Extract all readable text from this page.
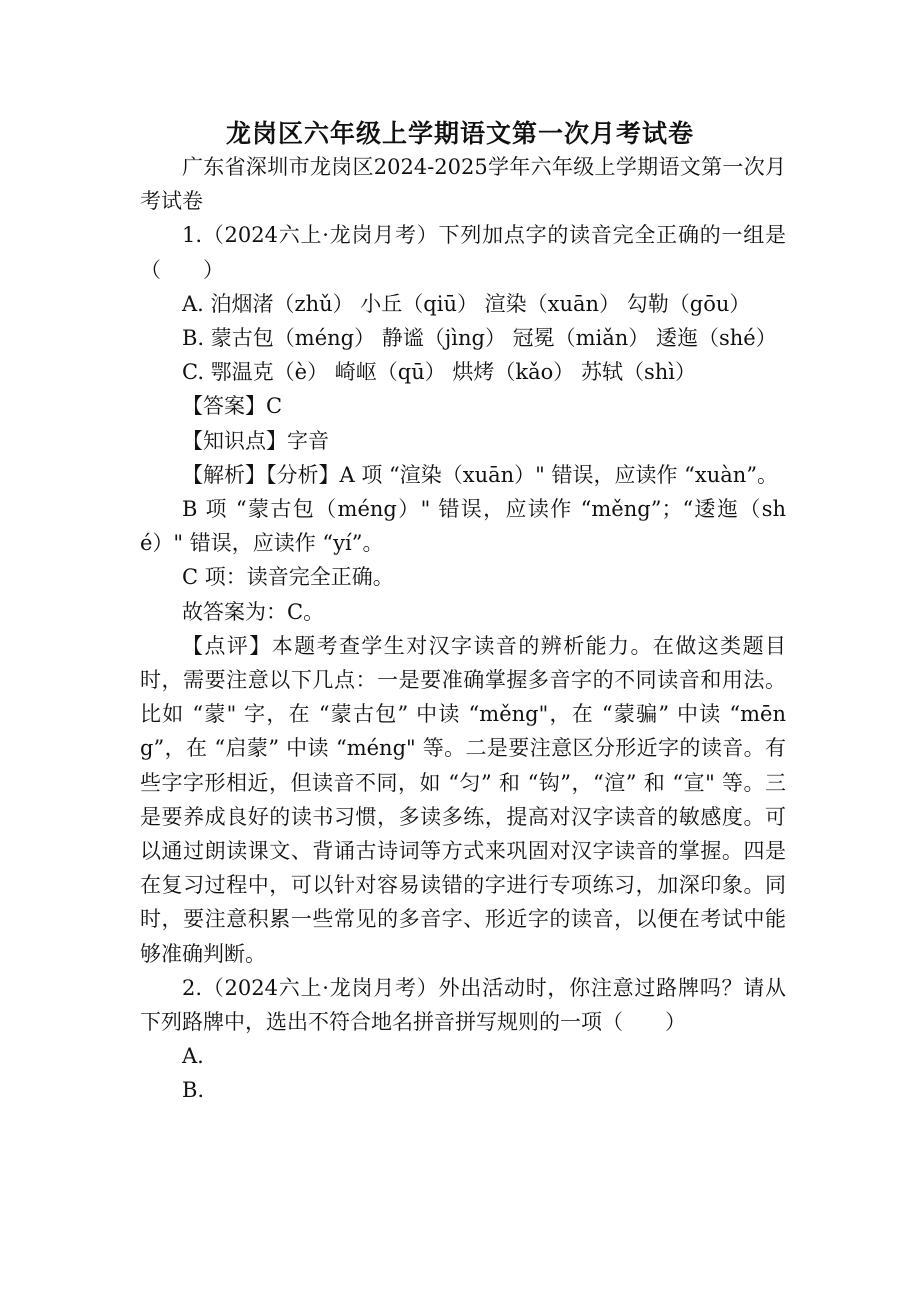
龙岗区六年级上学期语文第一次月考试卷

广东省深圳市龙岗区2024-2025学年六年级上学期语文第一次月考试卷

1.（2024六上·龙岗月考）下列加点字的读音完全正确的一组是（　　）

A. 泊烟渚（zhǔ） 小丘（qiū） 渲染（xuān） 勾勒（gōu）

B. 蒙古包（méng） 静谧（jìng） 冠冕（miǎn） 逶迤（shé）

C. 鄂温克（è） 崎岖（qū） 烘烤（kǎo） 苏轼（shì）

【答案】C

【知识点】字音

【解析】【分析】A 项 “渲染（xuān）" 错误，应读作 “xuàn”。

B 项 “蒙古包（méng）" 错误，应读作 “měng”；“逶迤（shé）" 错误，应读作 “yí”。

C 项：读音完全正确。

故答案为：C。

【点评】本题考查学生对汉字读音的辨析能力。在做这类题目时，需要注意以下几点：一是要准确掌握多音字的不同读音和用法。比如 “蒙" 字，在 “蒙古包” 中读 “měng"，在 “蒙骗” 中读 “mēng”，在 “启蒙” 中读 “méng" 等。二是要注意区分形近字的读音。有些字字形相近，但读音不同，如 “匀” 和 “钩”，“渲” 和 “宣" 等。三是要养成良好的读书习惯，多读多练，提高对汉字读音的敏感度。可以通过朗读课文、背诵古诗词等方式来巩固对汉字读音的掌握。四是在复习过程中，可以针对容易读错的字进行专项练习，加深印象。同时，要注意积累一些常见的多音字、形近字的读音，以便在考试中能够准确判断。

2.（2024六上·龙岗月考）外出活动时，你注意过路牌吗？请从下列路牌中，选出不符合地名拼音拼写规则的一项（　　）

A.

B.
